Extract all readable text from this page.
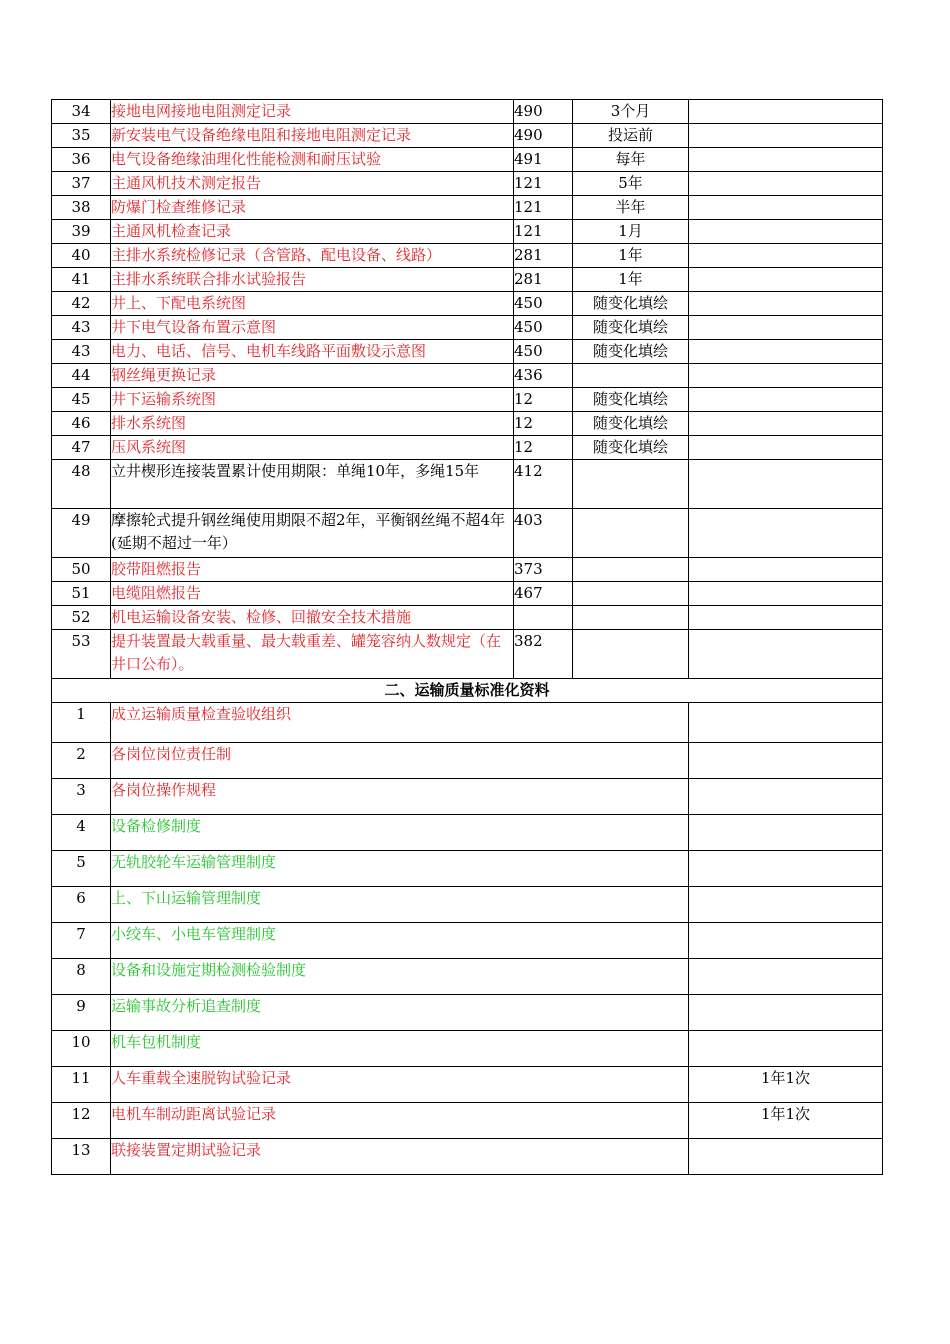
34	接地电网接地电阻测定记录	490	3个月	
35	新安装电气设备绝缘电阻和接地电阻测定记录	490	投运前	
36	电气设备绝缘油理化性能检测和耐压试验	491	每年	
37	主通风机技术测定报告	121	5年	
38	防爆门检查维修记录	121	半年	
39	主通风机检查记录	121	1月	
40	主排水系统检修记录（含管路、配电设备、线路）	281	1年	
41	主排水系统联合排水试验报告	281	1年	
42	井上、下配电系统图	450	随变化填绘	
43	井下电气设备布置示意图	450	随变化填绘	
43	电力、电话、信号、电机车线路平面敷设示意图	450	随变化填绘	
44	钢丝绳更换记录	436		
45	井下运输系统图	12	随变化填绘	
46	排水系统图	12	随变化填绘	
47	压风系统图	12	随变化填绘	
48	立井楔形连接装置累计使用期限：单绳10年，多绳15年	412		
49	摩擦轮式提升钢丝绳使用期限不超2年，平衡钢丝绳不超4年(延期不超过一年）	403		
50	胶带阻燃报告	373		
51	电缆阻燃报告	467		
52	机电运输设备安装、检修、回撤安全技术措施			
53	提升装置最大载重量、最大载重差、罐笼容纳人数规定（在井口公布）。	382		
二、运输质量标准化资料				
1	成立运输质量检查验收组织			
2	各岗位岗位责任制			
3	各岗位操作规程			
4	设备检修制度			
5	无轨胶轮车运输管理制度			
6	上、下山运输管理制度			
7	小绞车、小电车管理制度			
8	设备和设施定期检测检验制度			
9	运输事故分析追查制度			
10	机车包机制度			
11	人车重载全速脱钩试验记录			1年1次
12	电机车制动距离试验记录			1年1次
13	联接装置定期试验记录			
